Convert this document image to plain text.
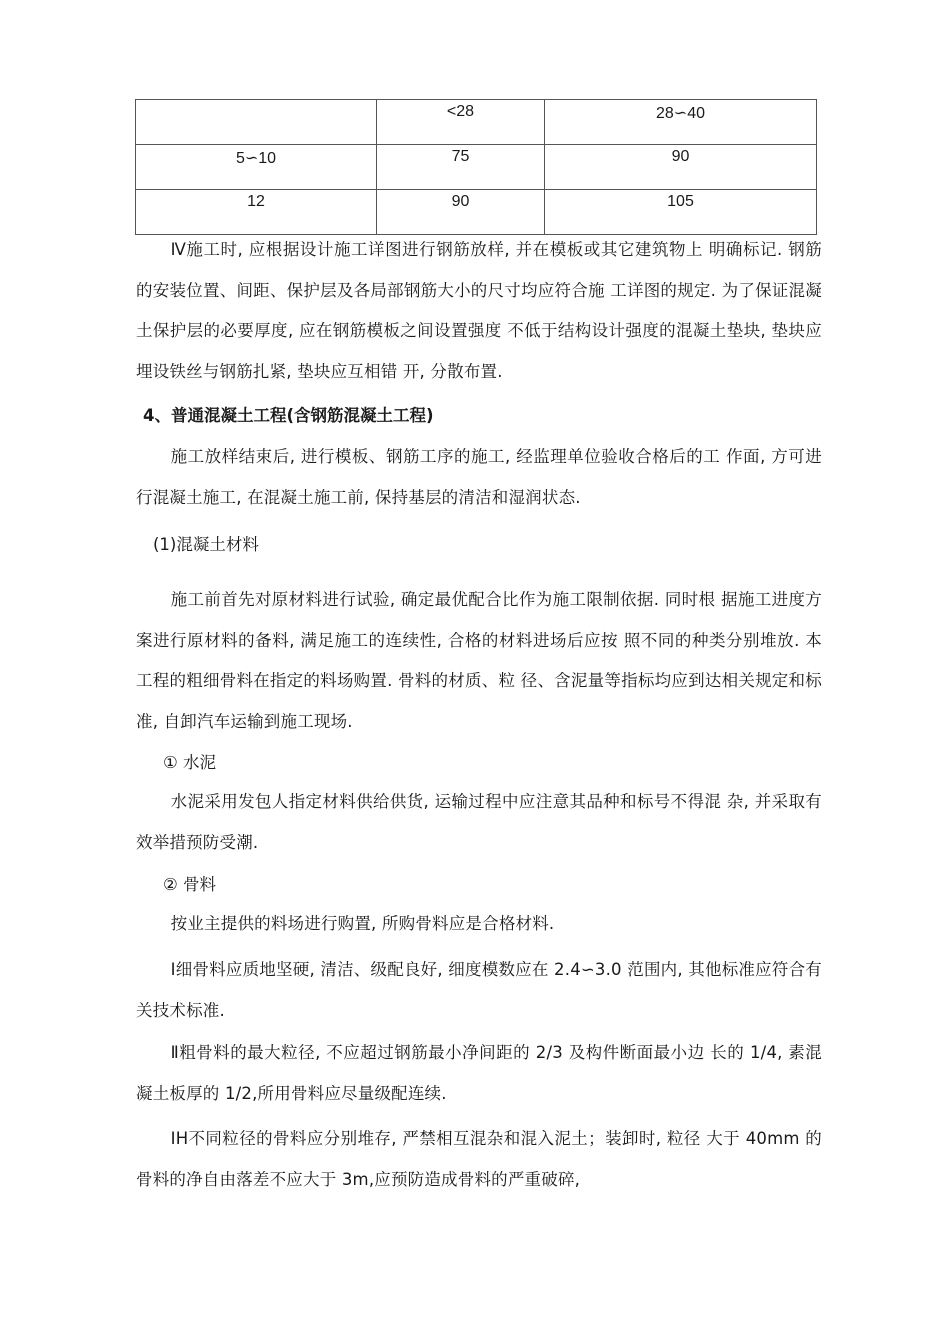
	<28	28∽40
5∽10	75	90
12	90	105

Ⅳ施工时, 应根据设计施工详图进行钢筋放样, 并在模板或其它建筑物上 明确标记. 钢筋的安装位置、间距、保护层及各局部钢筋大小的尺寸均应符合施 工详图的规定. 为了保证混凝土保护层的必要厚度, 应在钢筋模板之间设置强度 不低于结构设计强度的混凝土垫块, 垫块应埋设铁丝与钢筋扎紧, 垫块应互相错 开, 分散布置.

4、普通混凝土工程(含钢筋混凝土工程)

施工放样结束后, 进行模板、钢筋工序的施工, 经监理单位验收合格后的工 作面, 方可进行混凝土施工, 在混凝土施工前, 保持基层的清洁和湿润状态.

(1)混凝土材料

施工前首先对原材料进行试验, 确定最优配合比作为施工限制依据. 同时根 据施工进度方案进行原材料的备料, 满足施工的连续性, 合格的材料进场后应按 照不同的种类分别堆放. 本工程的粗细骨料在指定的料场购置. 骨料的材质、粒 径、含泥量等指标均应到达相关规定和标准, 自卸汽车运输到施工现场.

① 水泥

水泥采用发包人指定材料供给供货, 运输过程中应注意其品种和标号不得混 杂, 并采取有效举措预防受潮.

② 骨料

按业主提供的料场进行购置, 所购骨料应是合格材料.

Ⅰ细骨料应质地坚硬, 清洁、级配良好, 细度模数应在 2.4∽3.0 范围内, 其他标准应符合有关技术标准.

Ⅱ粗骨料的最大粒径, 不应超过钢筋最小净间距的 2/3 及构件断面最小边 长的 1/4, 素混凝土板厚的 1/2,所用骨料应尽量级配连续.

IH不同粒径的骨料应分别堆存, 严禁相互混杂和混入泥土；装卸时, 粒径 大于 40mm 的骨料的净自由落差不应大于 3m,应预防造成骨料的严重破碎,
